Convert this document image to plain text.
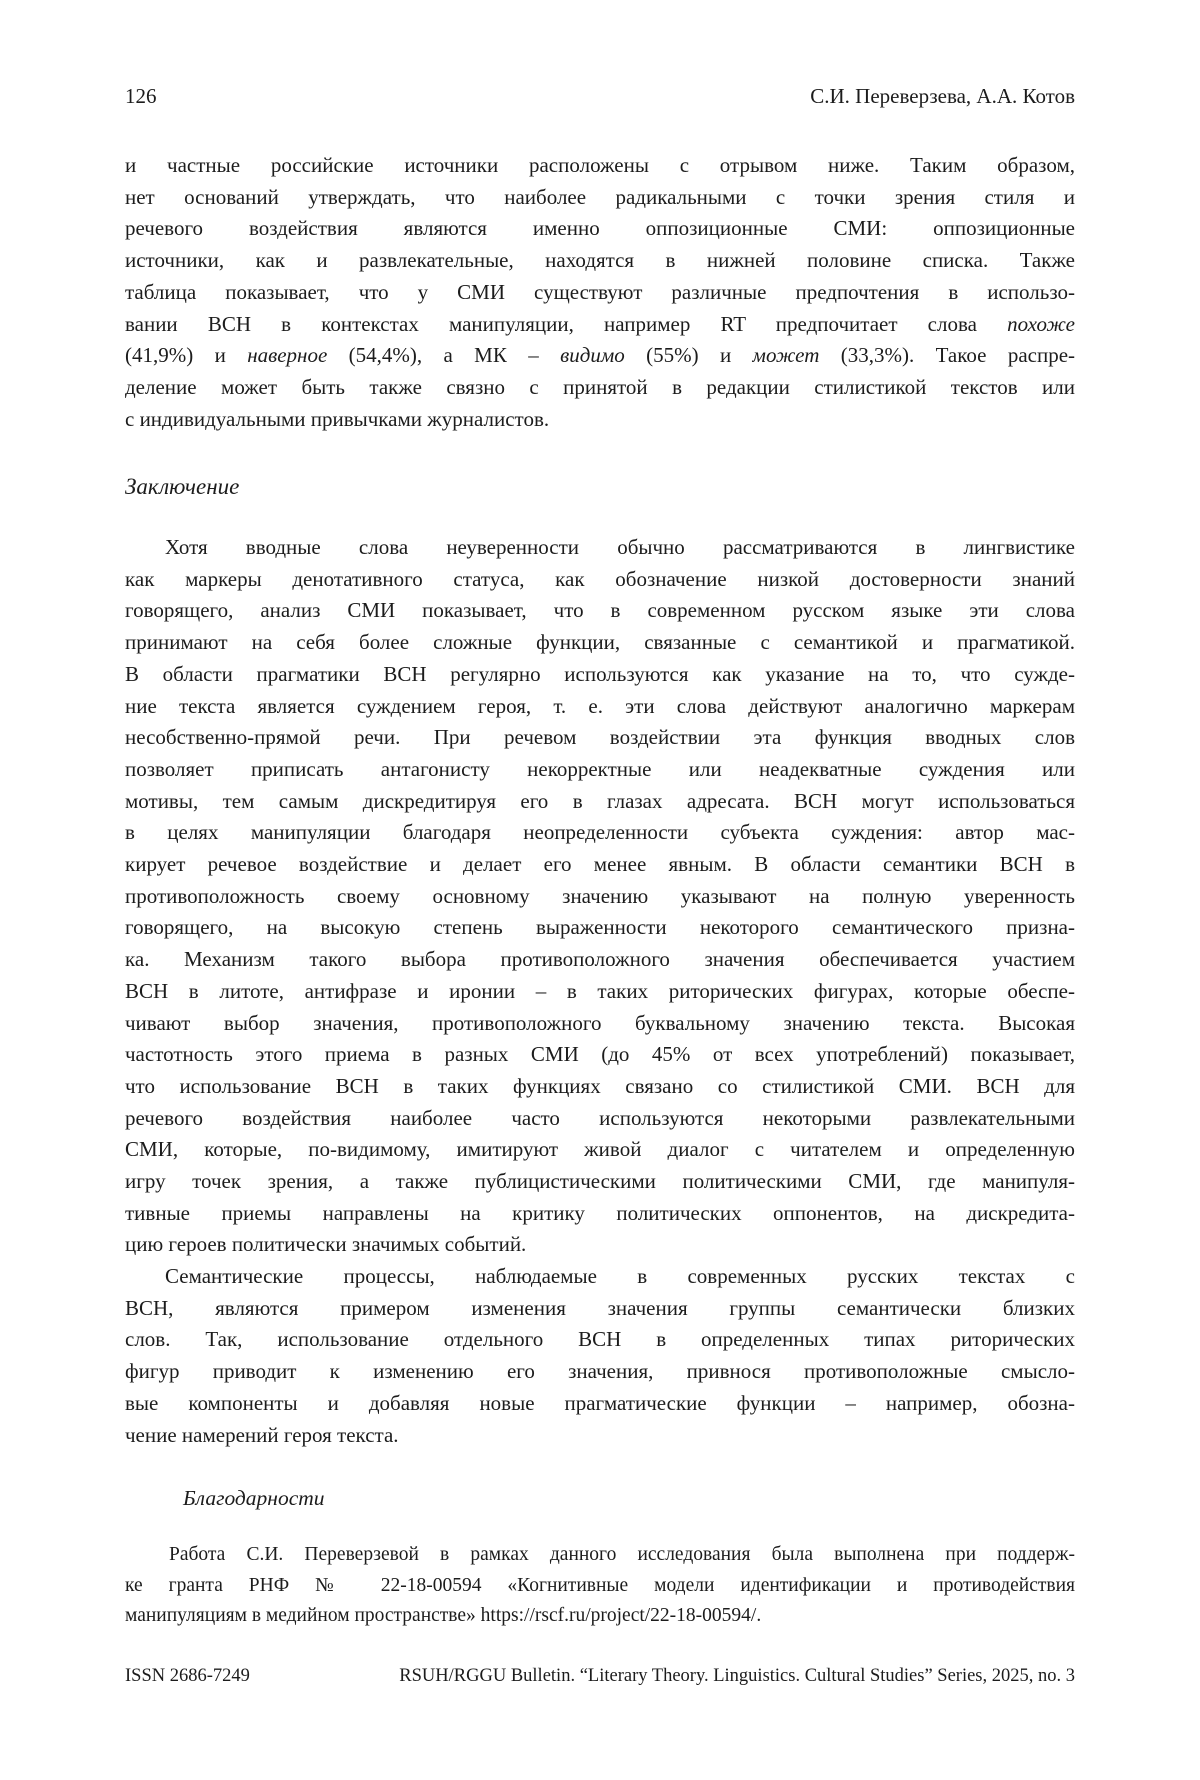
126	С.И. Переверзева, А.А. Котов
и частные российские источники расположены с отрывом ниже. Таким образом,
нет оснований утверждать, что наиболее радикальными с точки зрения стиля и
речевого воздействия являются именно оппозиционные СМИ: оппозиционные
источники, как и развлекательные, находятся в нижней половине списка. Также
таблица показывает, что у СМИ существуют различные предпочтения в использо-
вании ВСН в контекстах манипуляции, например RT предпочитает слова похоже
(41,9%) и наверное (54,4%), а МК – видимо (55%) и может (33,3%). Такое распре-
деление может быть также связно с принятой в редакции стилистикой текстов или
с индивидуальными привычками журналистов.
Заключение
Хотя вводные слова неуверенности обычно рассматриваются в лингвистике
как маркеры денотативного статуса, как обозначение низкой достоверности знаний
говорящего, анализ СМИ показывает, что в современном русском языке эти слова
принимают на себя более сложные функции, связанные с семантикой и прагматикой.
В области прагматики ВСН регулярно используются как указание на то, что сужде-
ние текста является суждением героя, т. е. эти слова действуют аналогично маркерам
несобственно-прямой речи. При речевом воздействии эта функция вводных слов
позволяет приписать антагонисту некорректные или неадекватные суждения или
мотивы, тем самым дискредитируя его в глазах адресата. ВСН могут использоваться
в целях манипуляции благодаря неопределенности субъекта суждения: автор мас-
кирует речевое воздействие и делает его менее явным. В области семантики ВСН в
противоположность своему основному значению указывают на полную уверенность
говорящего, на высокую степень выраженности некоторого семантического призна-
ка. Механизм такого выбора противоположного значения обеспечивается участием
ВСН в литоте, антифразе и иронии – в таких риторических фигурах, которые обеспе-
чивают выбор значения, противоположного буквальному значению текста. Высокая
частотность этого приема в разных СМИ (до 45% от всех употреблений) показывает,
что использование ВСН в таких функциях связано со стилистикой СМИ. ВСН для
речевого воздействия наиболее часто используются некоторыми развлекательными
СМИ, которые, по-видимому, имитируют живой диалог с читателем и определенную
игру точек зрения, а также публицистическими политическими СМИ, где манипуля-
тивные приемы направлены на критику политических оппонентов, на дискредита-
цию героев политически значимых событий.
Семантические процессы, наблюдаемые в современных русских текстах с
ВСН, являются примером изменения значения группы семантически близких
слов. Так, использование отдельного ВСН в определенных типах риторических
фигур приводит к изменению его значения, привнося противоположные смысло-
вые компоненты и добавляя новые прагматические функции – например, обозна-
чение намерений героя текста.
Благодарности
Работа С.И. Переверзевой в рамках данного исследования была выполнена при поддерж-
ке гранта РНФ № 22-18-00594 «Когнитивные модели идентификации и противодействия
манипуляциям в медийном пространстве» https://rscf.ru/project/22-18-00594/.
ISSN 2686-7249	RSUH/RGGU Bulletin. “Literary Theory. Linguistics. Cultural Studies” Series, 2025, no. 3
